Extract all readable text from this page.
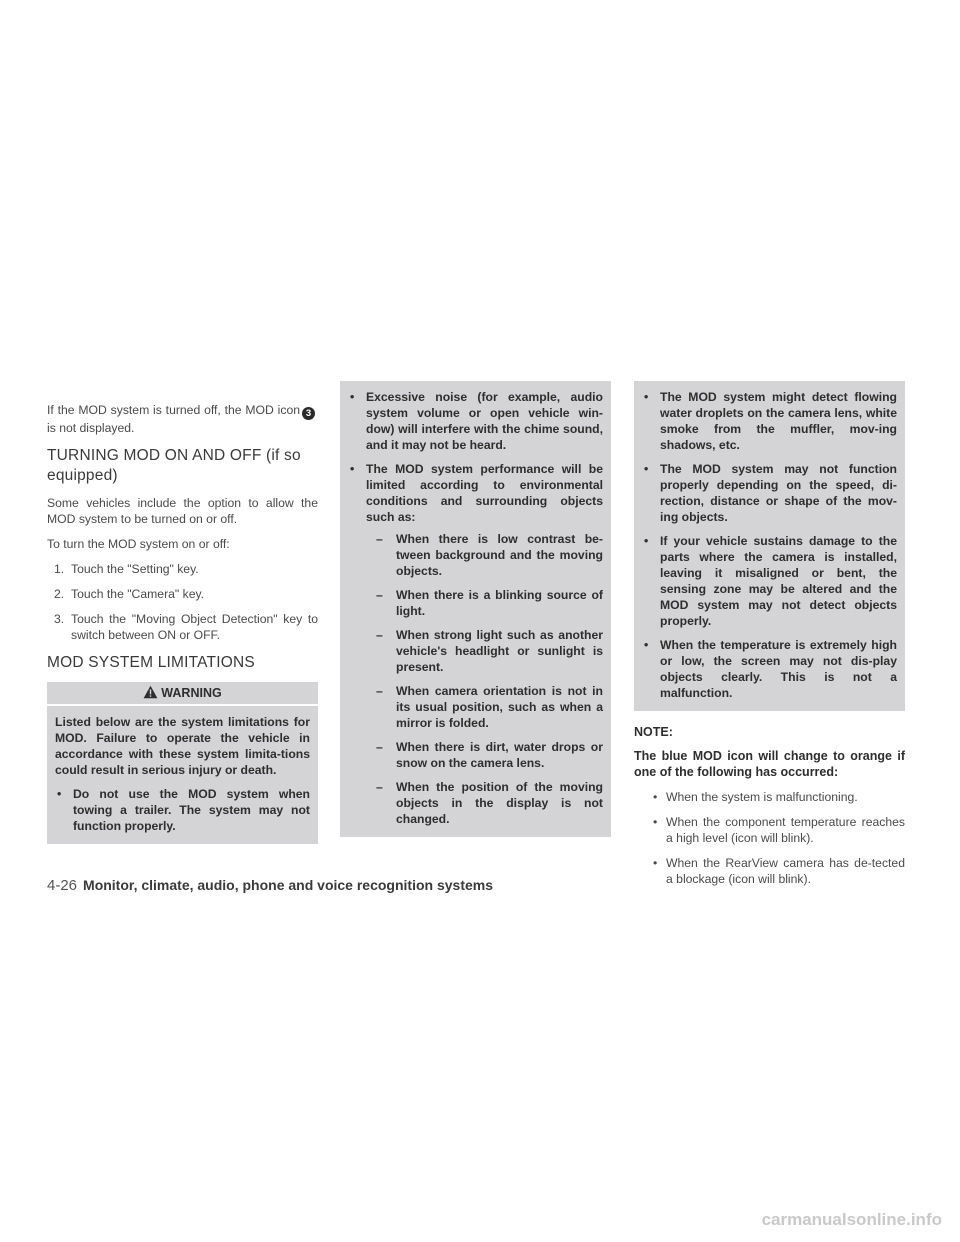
If the MOD system is turned off, the MOD icon 3is not displayed.

TURNING MOD ON AND OFF (if so equipped)

Some vehicles include the option to allow the MOD system to be turned on or off.

To turn the MOD system on or off:

1. Touch the "Setting" key.
2. Touch the "Camera" key.
3. Touch the "Moving Object Detection" key to switch between ON or OFF.
MOD SYSTEM LIMITATIONS
WARNING

Listed below are the system limitations for MOD. Failure to operate the vehicle in accordance with these system limita-tions could result in serious injury or death.

• Do not use the MOD system when towing a trailer. The system may not function properly.
• Excessive noise (for example, audio system volume or open vehicle win-dow) will interfere with the chime sound, and it may not be heard.
• The MOD system performance will be limited according to environmental conditions and surrounding objects such as:
– When there is low contrast be-tween background and the moving objects.
– When there is a blinking source of light.
– When strong light such as another vehicle's headlight or sunlight is present.
– When camera orientation is not in its usual position, such as when a mirror is folded.
– When there is dirt, water drops or snow on the camera lens.
– When the position of the moving objects in the display is not changed.
• The MOD system might detect flowing water droplets on the camera lens, white smoke from the muffler, mov-ing shadows, etc.
• The MOD system may not function properly depending on the speed, di-rection, distance or shape of the mov-ing objects.
• If your vehicle sustains damage to the parts where the camera is installed, leaving it misaligned or bent, the sensing zone may be altered and the MOD system may not detect objects properly.
• When the temperature is extremely high or low, the screen may not dis-play objects clearly. This is not a malfunction.
NOTE:

The blue MOD icon will change to orange if one of the following has occurred:

• When the system is malfunctioning.
• When the component temperature reaches a high level (icon will blink).
• When the RearView camera has de-tected a blockage (icon will blink).
4-26 Monitor, climate, audio, phone and voice recognition systems
carmanualsonline.info
